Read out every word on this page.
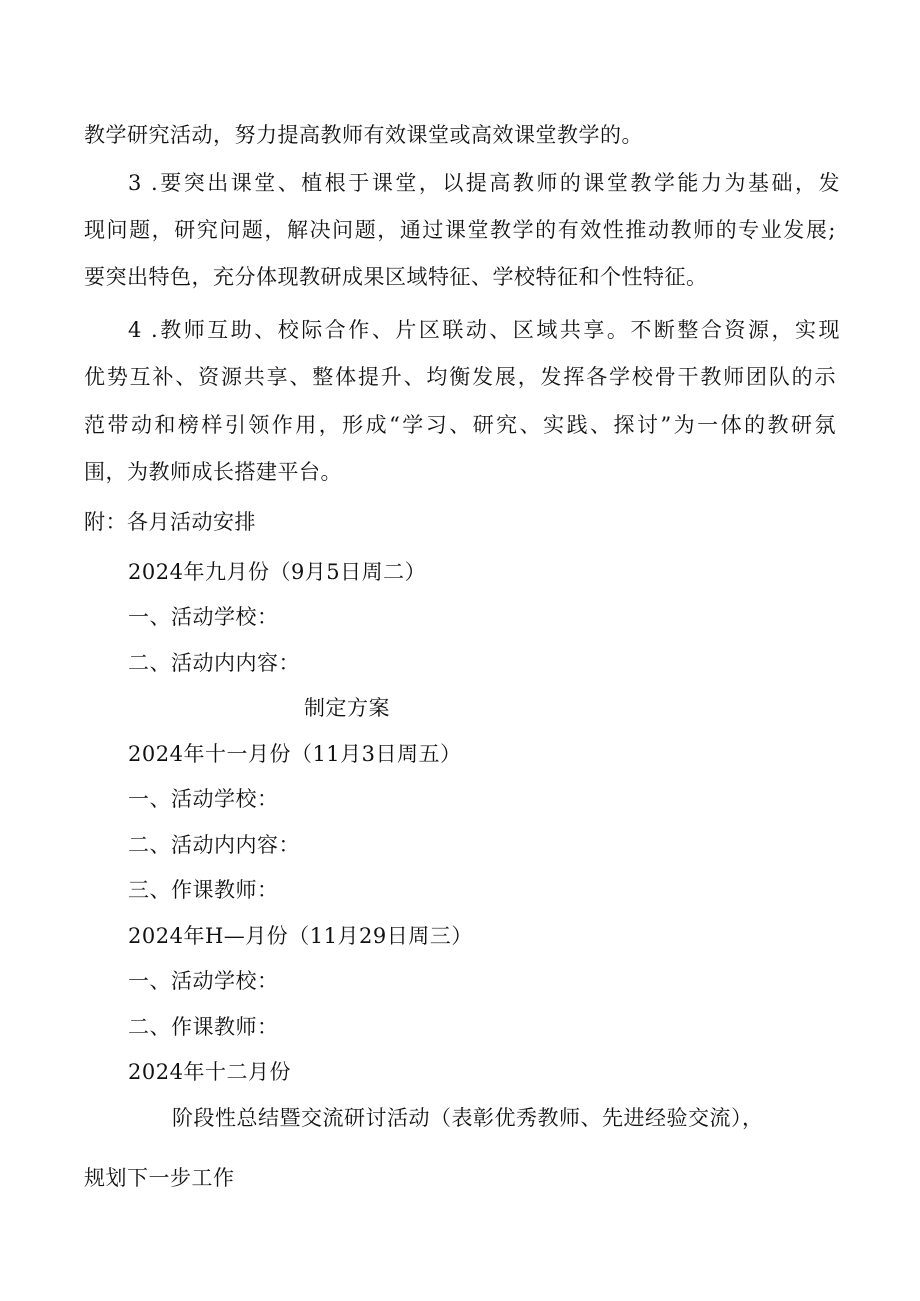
教学研究活动，努力提高教师有效课堂或高效课堂教学的。
3 .要突出课堂、植根于课堂，以提高教师的课堂教学能力为基础，发
现问题，研究问题，解决问题，通过课堂教学的有效性推动教师的专业发展;
要突出特色，充分体现教研成果区域特征、学校特征和个性特征。
4 .教师互助、校际合作、片区联动、区域共享。不断整合资源，实现
优势互补、资源共享、整体提升、均衡发展，发挥各学校骨干教师团队的示
范带动和榜样引领作用，形成“学习、研究、实践、探讨”为一体的教研氛
围，为教师成长搭建平台。
附：各月活动安排
2024年九月份（9月5日周二）
一、活动学校：
二、活动内内容：
制定方案
2024年十一月份（11月3日周五）
一、活动学校：
二、活动内内容：
三、作课教师：
2024年H—月份（11月29日周三）
一、活动学校：
二、作课教师：
2024年十二月份
阶段性总结暨交流研讨活动（表彰优秀教师、先进经验交流），
规划下一步工作
